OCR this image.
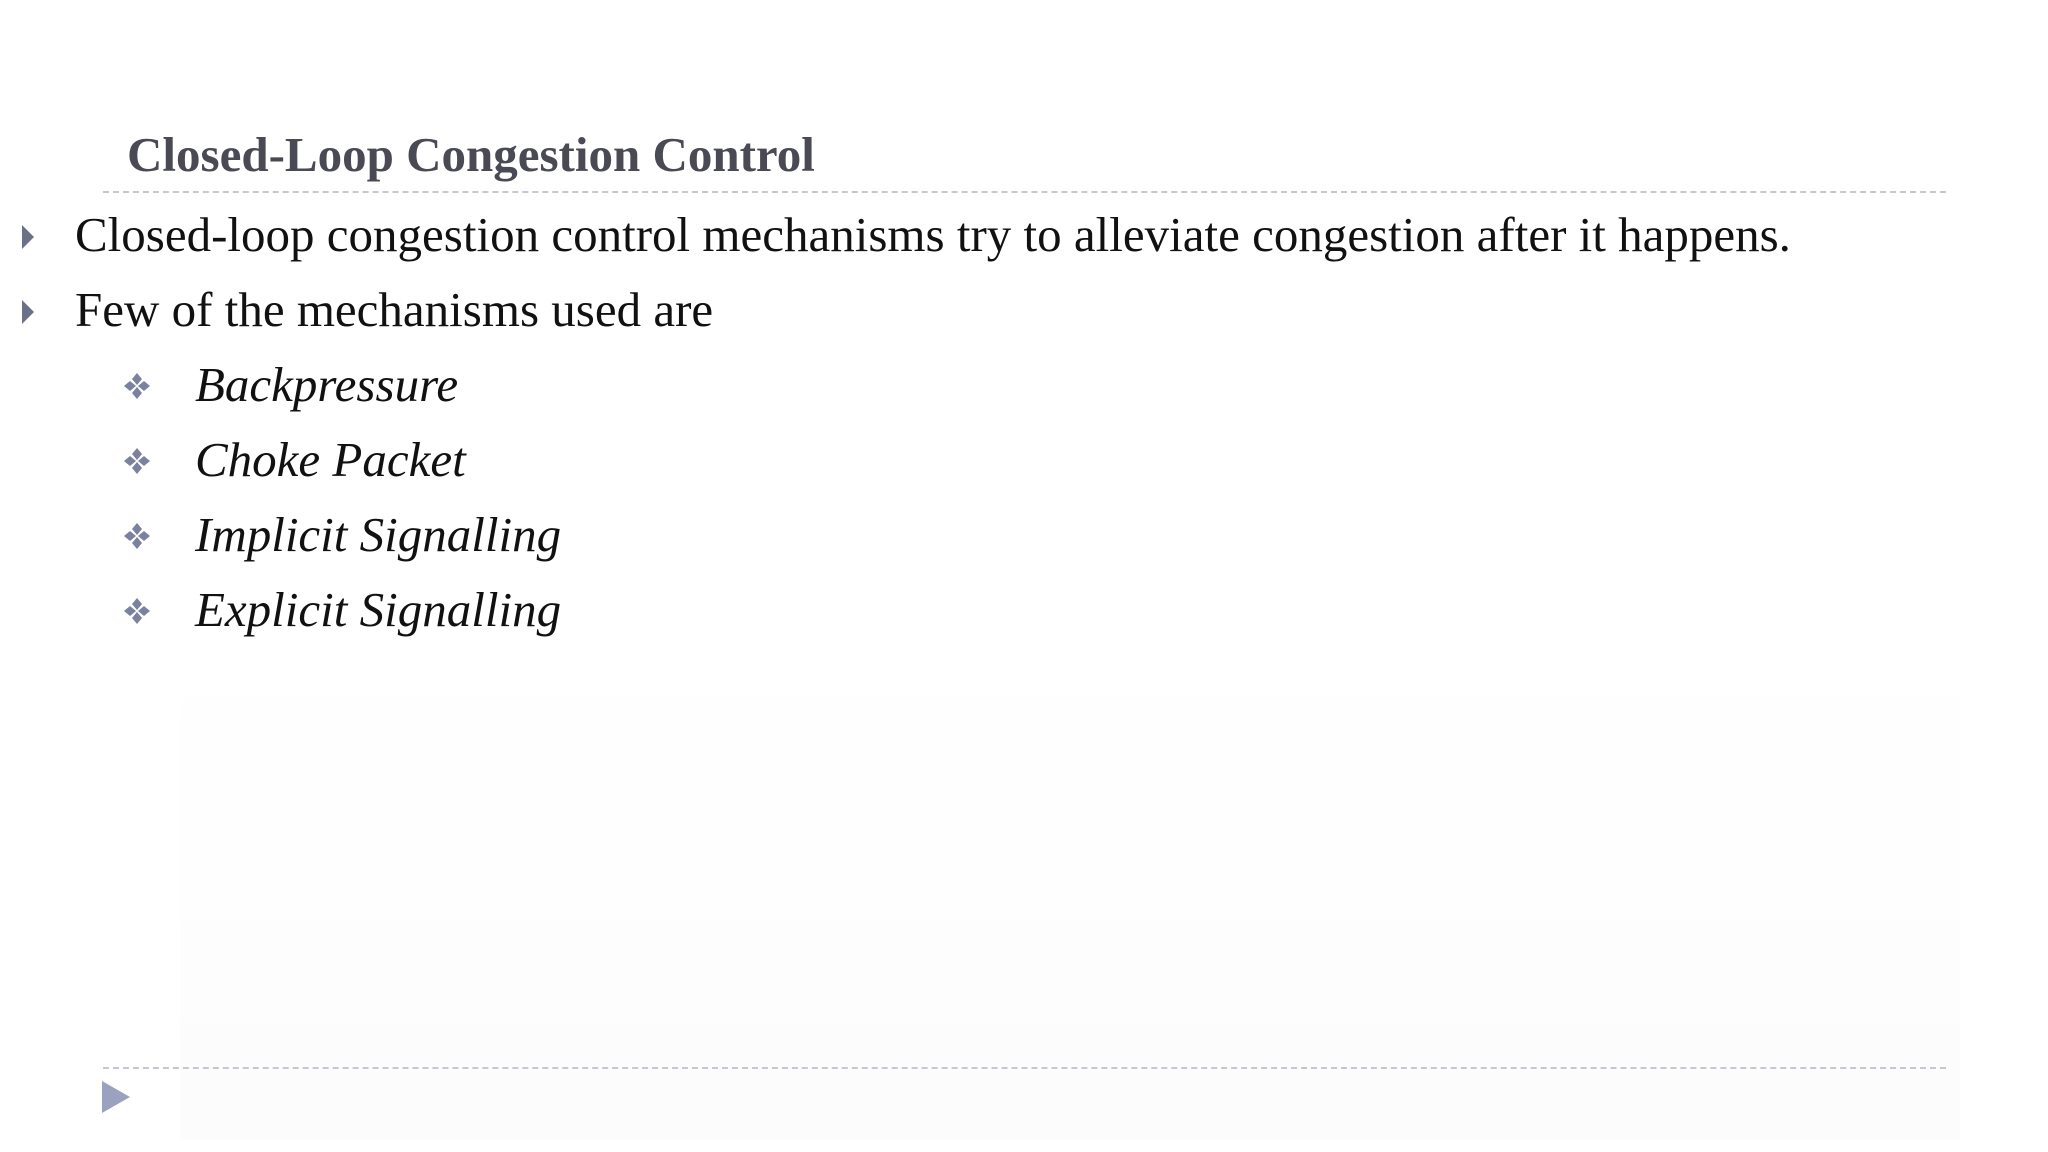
Closed-Loop Congestion Control
Closed-loop congestion control mechanisms try to alleviate congestion after it happens.
Few of the mechanisms used are
Backpressure
Choke Packet
Implicit Signalling
Explicit Signalling
